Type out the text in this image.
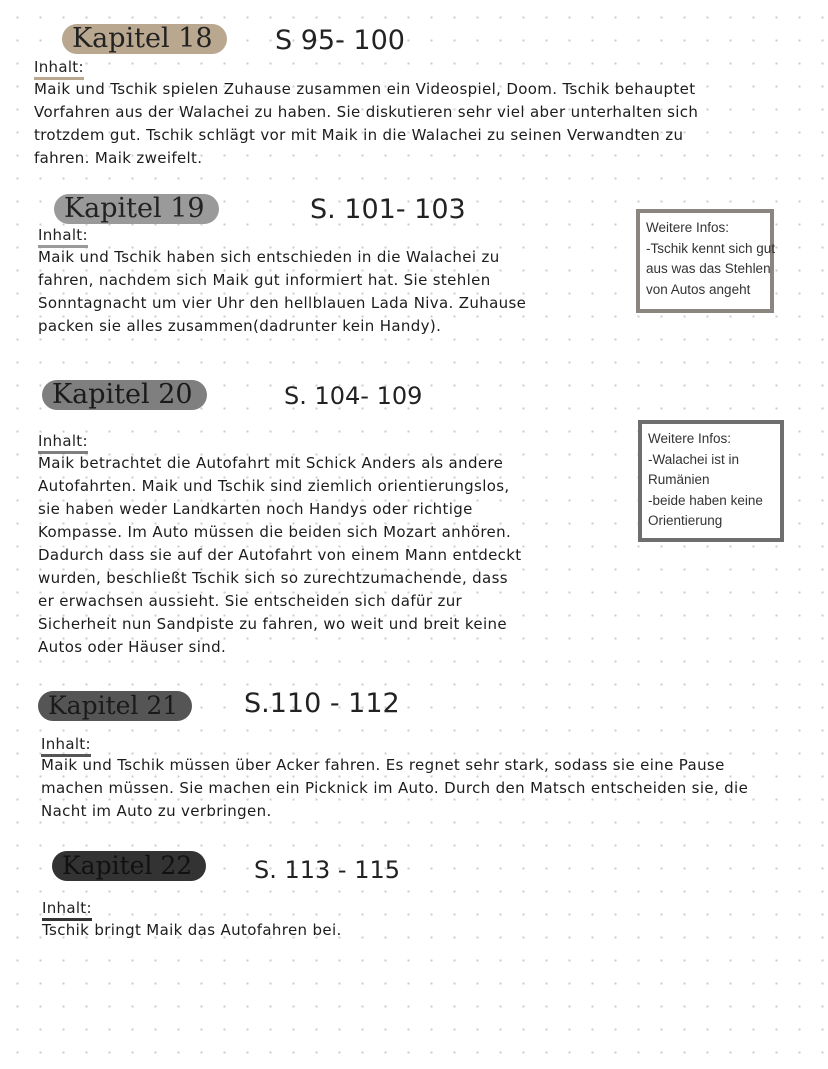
Kapitel 18	S 95- 100
Inhalt:
Maik und Tschik spielen Zuhause zusammen ein Videospiel, Doom. Tschik behauptet
Vorfahren aus der Walachei zu haben. Sie diskutieren sehr viel aber unterhalten sich
trotzdem gut. Tschik schlägt vor mit Maik in die Walachei zu seinen Verwandten zu
fahren. Maik zweifelt.
Kapitel 19	S. 101- 103
Inhalt:
Maik und Tschik haben sich entschieden in die Walachei zu
fahren, nachdem sich Maik gut informiert hat. Sie stehlen
Sonntagnacht um vier Uhr den hellblauen Lada Niva. Zuhause
packen sie alles zusammen(dadrunter kein Handy).
Weitere Infos:
-Tschik kennt sich gut
aus was das Stehlen
von Autos angeht
Kapitel 20	S. 104- 109
Inhalt:
Maik betrachtet die Autofahrt mit Schick Anders als andere
Autofahrten. Maik und Tschik sind ziemlich orientierungslos,
sie haben weder Landkarten noch Handys oder richtige
Kompasse. Im Auto müssen die beiden sich Mozart anhören.
Dadurch dass sie auf der Autofahrt von einem Mann entdeckt
wurden, beschließt Tschik sich so zurechtzumachende, dass
er erwachsen aussieht. Sie entscheiden sich dafür zur
Sicherheit nun Sandpiste zu fahren, wo weit und breit keine
Autos oder Häuser sind.
Weitere Infos:
-Walachei ist in
Rumänien
-beide haben keine
Orientierung
Kapitel 21	S.110 - 112
Inhalt:
Maik und Tschik müssen über Acker fahren. Es regnet sehr stark, sodass sie eine Pause
machen müssen. Sie machen ein Picknick im Auto. Durch den Matsch entscheiden sie, die
Nacht im Auto zu verbringen.
Kapitel 22	S. 113 - 115
Inhalt:
Tschik bringt Maik das Autofahren bei.
